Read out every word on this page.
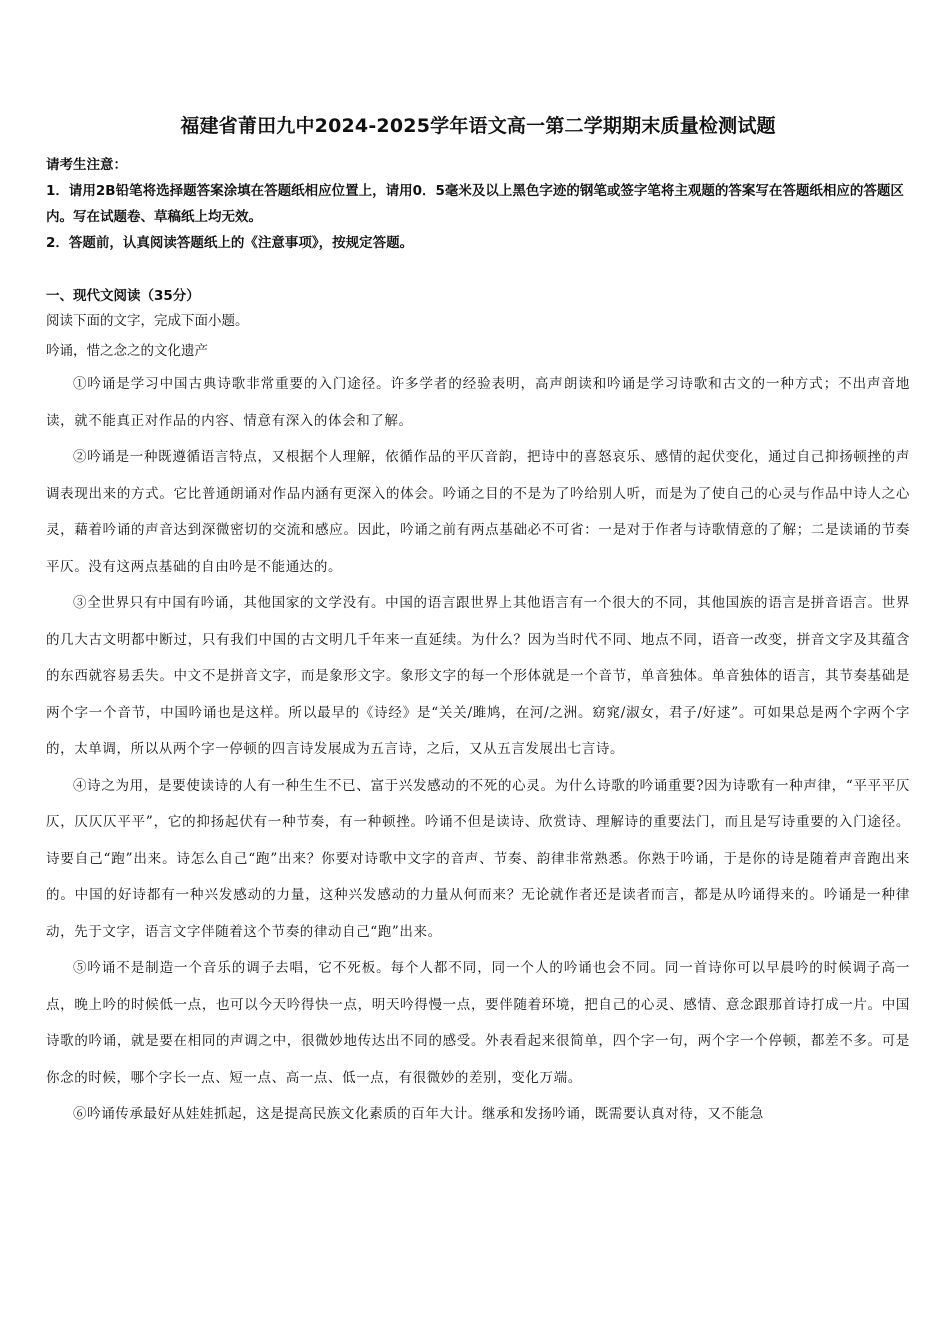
福建省莆田九中2024-2025学年语文高一第二学期期末质量检测试题
请考生注意：
1．请用2B铅笔将选择题答案涂填在答题纸相应位置上，请用0．5毫米及以上黑色字迹的钢笔或签字笔将主观题的答案写在答题纸相应的答题区内。写在试题卷、草稿纸上均无效。
2．答题前，认真阅读答题纸上的《注意事项》，按规定答题。
一、现代文阅读（35分）
阅读下面的文字，完成下面小题。
吟诵，惜之念之的文化遗产

①吟诵是学习中国古典诗歌非常重要的入门途径。许多学者的经验表明，高声朗读和吟诵是学习诗歌和古文的一种方式；不出声音地读，就不能真正对作品的内容、情意有深入的体会和了解。

②吟诵是一种既遵循语言特点，又根据个人理解，依循作品的平仄音韵，把诗中的喜怒哀乐、感情的起伏变化，通过自己抑扬顿挫的声调表现出来的方式。它比普通朗诵对作品内涵有更深入的体会。吟诵之目的不是为了吟给别人听，而是为了使自己的心灵与作品中诗人之心灵，藉着吟诵的声音达到深微密切的交流和感应。因此，吟诵之前有两点基础必不可省：一是对于作者与诗歌情意的了解；二是读诵的节奏平仄。没有这两点基础的自由吟是不能通达的。

③全世界只有中国有吟诵，其他国家的文学没有。中国的语言跟世界上其他语言有一个很大的不同，其他国族的语言是拼音语言。世界的几大古文明都中断过，只有我们中国的古文明几千年来一直延续。为什么？因为当时代不同、地点不同，语音一改变，拼音文字及其蕴含的东西就容易丢失。中文不是拼音文字，而是象形文字。象形文字的每一个形体就是一个音节，单音独体。单音独体的语言，其节奏基础是两个字一个音节，中国吟诵也是这样。所以最早的《诗经》是“关关/雎鸠，在河/之洲。窈窕/淑女，君子/好逑”。可如果总是两个字两个字的，太单调，所以从两个字一停顿的四言诗发展成为五言诗，之后，又从五言发展出七言诗。

④诗之为用，是要使读诗的人有一种生生不已、富于兴发感动的不死的心灵。为什么诗歌的吟诵重要?因为诗歌有一种声律，“平平平仄仄，仄仄仄平平”，它的抑扬起伏有一种节奏，有一种顿挫。吟诵不但是读诗、欣赏诗、理解诗的重要法门，而且是写诗重要的入门途径。诗要自己“跑”出来。诗怎么自己“跑”出来？你要对诗歌中文字的音声、节奏、韵律非常熟悉。你熟于吟诵，于是你的诗是随着声音跑出来的。中国的好诗都有一种兴发感动的力量，这种兴发感动的力量从何而来？无论就作者还是读者而言，都是从吟诵得来的。吟诵是一种律动，先于文字，语言文字伴随着这个节奏的律动自己“跑”出来。

⑤吟诵不是制造一个音乐的调子去唱，它不死板。每个人都不同，同一个人的吟诵也会不同。同一首诗你可以早晨吟的时候调子高一点，晚上吟的时候低一点，也可以今天吟得快一点，明天吟得慢一点，要伴随着环境，把自己的心灵、感情、意念跟那首诗打成一片。中国诗歌的吟诵，就是要在相同的声调之中，很微妙地传达出不同的感受。外表看起来很简单，四个字一句，两个字一个停顿，都差不多。可是你念的时候，哪个字长一点、短一点、高一点、低一点，有很微妙的差别，变化万端。

⑥吟诵传承最好从娃娃抓起，这是提高民族文化素质的百年大计。继承和发扬吟诵，既需要认真对待，又不能急
